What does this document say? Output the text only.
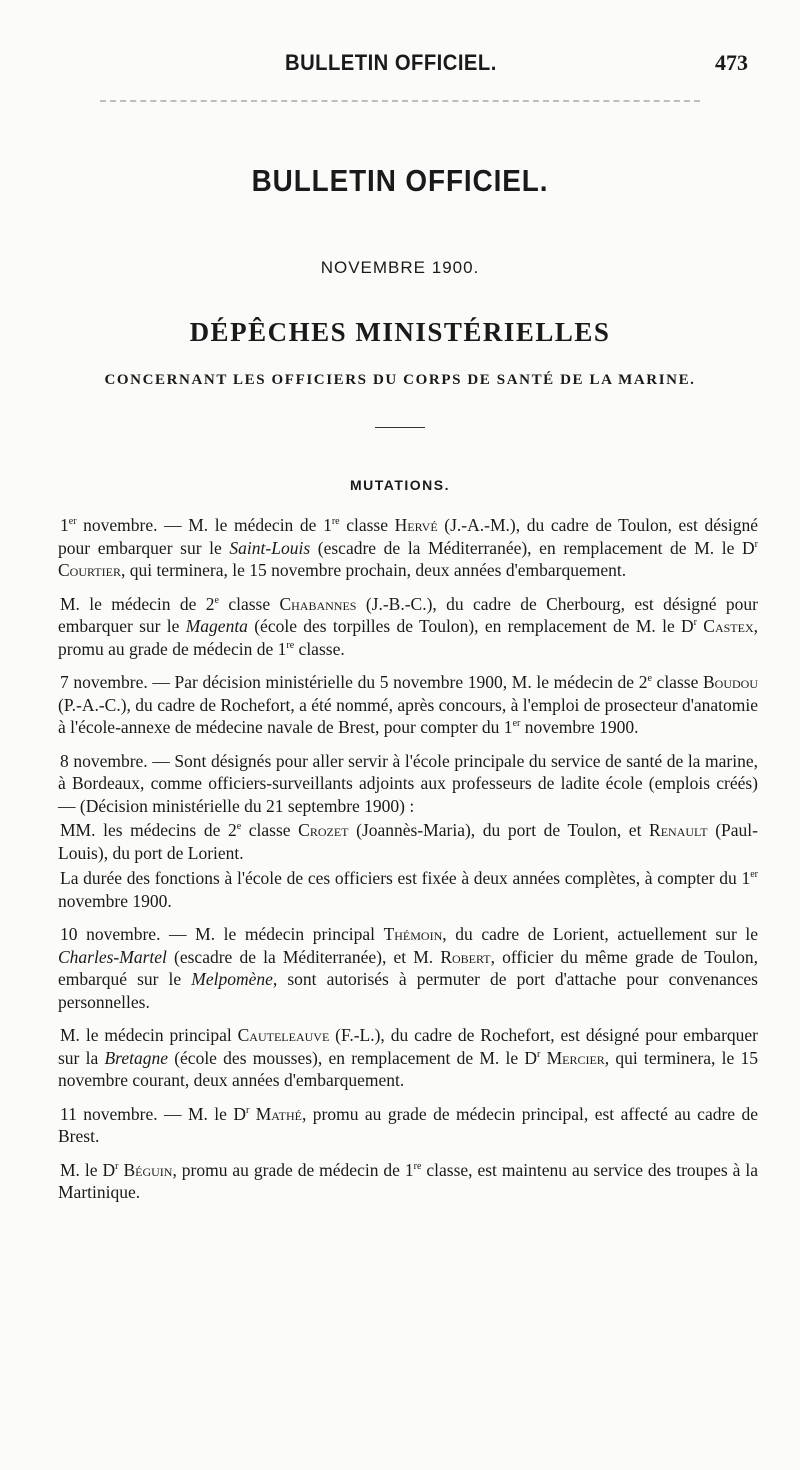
BULLETIN OFFICIEL.	473
BULLETIN OFFICIEL.
NOVEMBRE 1900.
DÉPÊCHES MINISTÉRIELLES
CONCERNANT LES OFFICIERS DU CORPS DE SANTÉ DE LA MARINE.
MUTATIONS.

1er novembre. — M. le médecin de 1re classe Hervé (J.-A.-M.), du cadre de Toulon, est désigné pour embarquer sur le Saint-Louis (escadre de la Méditerranée), en remplacement de M. le $D^r$ Courtier, qui terminera, le 15 novembre prochain, deux années d'embarquement.

M. le médecin de 2e classe Chabannes (J.-B.-C.), du cadre de Cherbourg, est désigné pour embarquer sur le Magenta (école des torpilles de Toulon), en remplacement de M. le $D^r$ Castex, promu au grade de médecin de 1re classe.

7 novembre. — Par décision ministérielle du 5 novembre 1900, M. le médecin de 2e classe Boudou (P.-A.-C.), du cadre de Rochefort, a été nommé, après concours, à l'emploi de prosecteur d'anatomie à l'école-annexe de médecine navale de Brest, pour compter du 1er novembre 1900.

8 novembre. — Sont désignés pour aller servir à l'école principale du service de santé de la marine, à Bordeaux, comme officiers-surveillants adjoints aux professeurs de ladite école (emplois créés) — (Décision ministérielle du 21 septembre 1900) :

MM. les médecins de 2e classe Crozet (Joannès-Maria), du port de Toulon, et Renault (Paul-Louis), du port de Lorient.

La durée des fonctions à l'école de ces officiers est fixée à deux années complètes, à compter du 1er novembre 1900.

10 novembre. — M. le médecin principal Thémoin, du cadre de Lorient, actuellement sur le Charles-Martel (escadre de la Méditerranée), et M. Robert, officier du même grade de Toulon, embarqué sur le Melpomène, sont autorisés à permuter de port d'attache pour convenances personnelles.

M. le médecin principal Cauteleauve (F.-L.), du cadre de Rochefort, est désigné pour embarquer sur la Bretagne (école des mousses), en remplacement de M. le $D^r$ Mercier, qui terminera, le 15 novembre courant, deux années d'embarquement.

11 novembre. — M. le $D^r$ Mathé, promu au grade de médecin principal, est affecté au cadre de Brest.

M. le $D^r$ Béguin, promu au grade de médecin de 1re classe, est maintenu au service des troupes à la Martinique.
